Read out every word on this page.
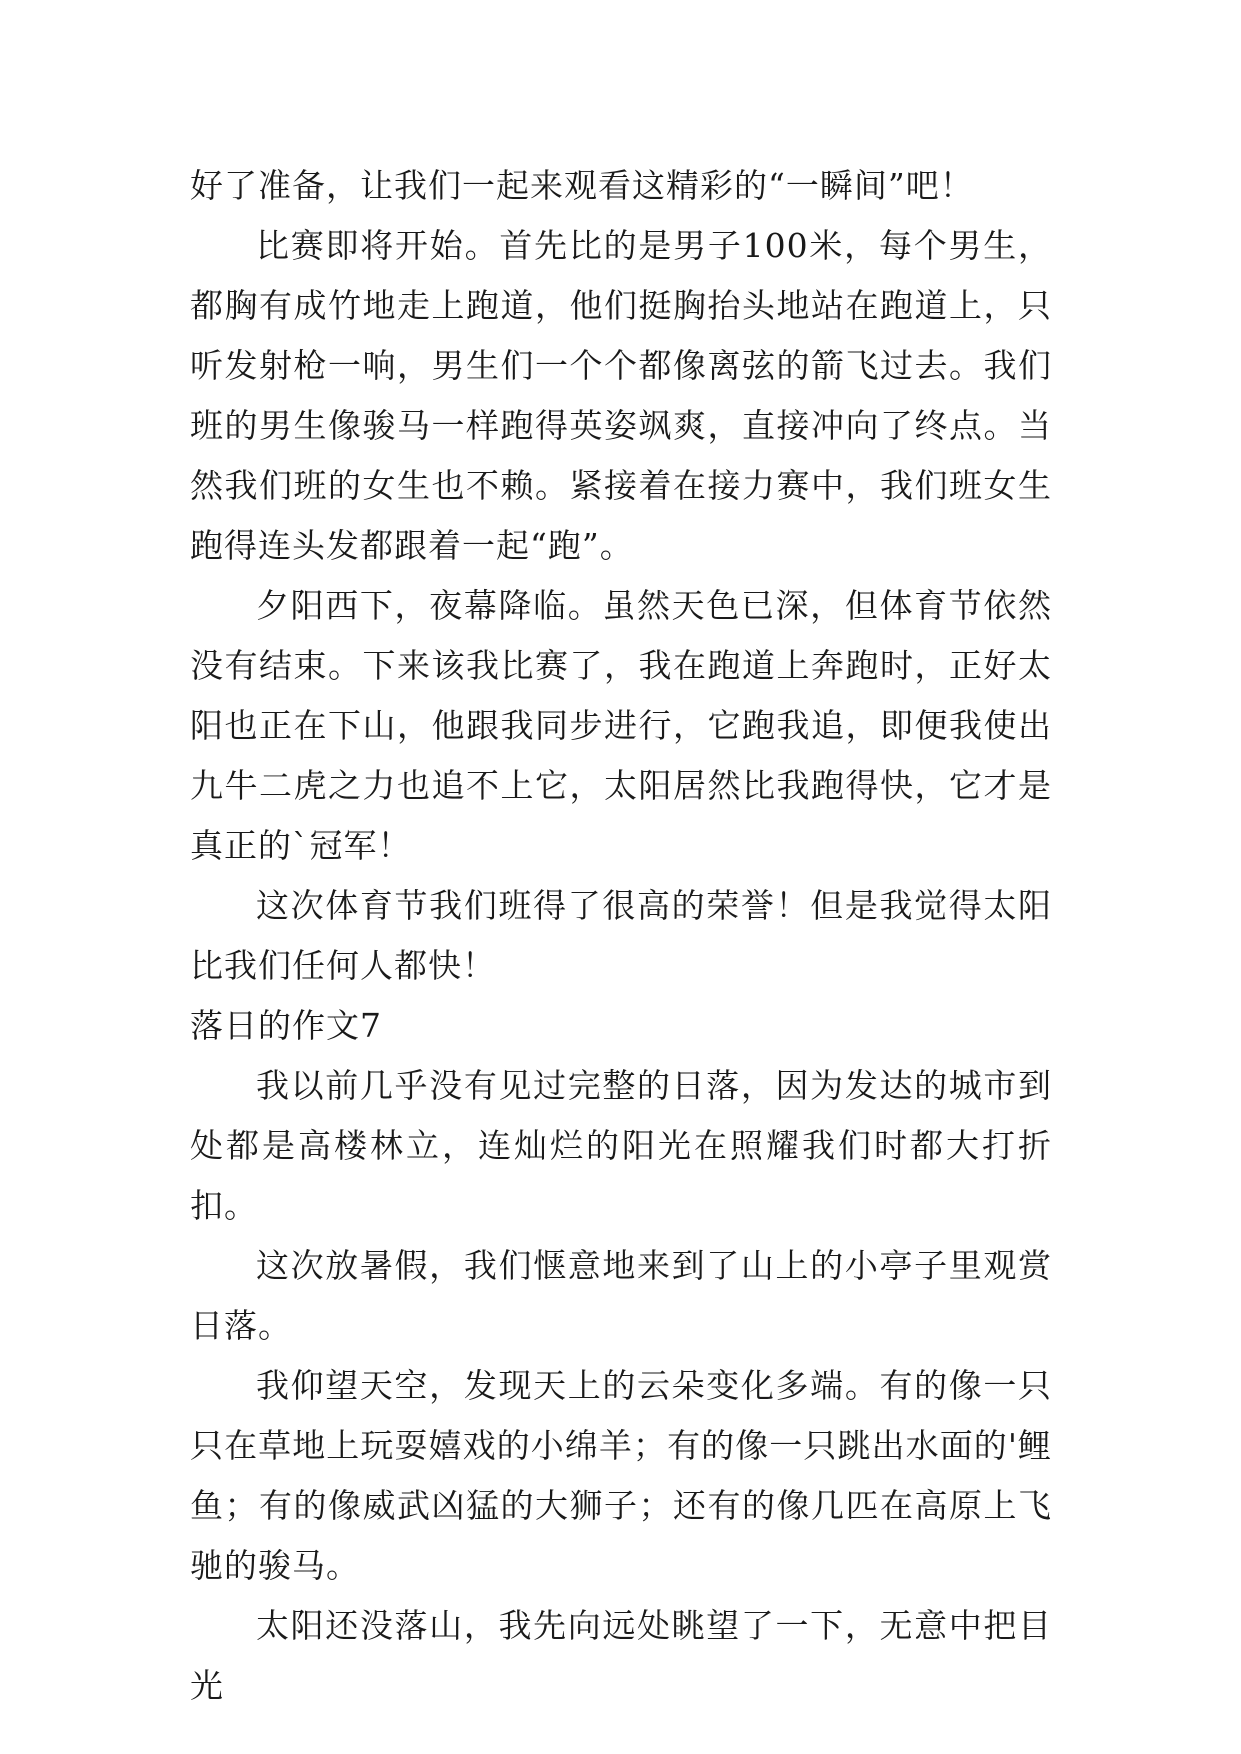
好了准备，让我们一起来观看这精彩的“一瞬间”吧！

比赛即将开始。首先比的是男子100米，每个男生，都胸有成竹地走上跑道，他们挺胸抬头地站在跑道上，只听发射枪一响，男生们一个个都像离弦的箭飞过去。我们班的男生像骏马一样跑得英姿飒爽，直接冲向了终点。当然我们班的女生也不赖。紧接着在接力赛中，我们班女生跑得连头发都跟着一起“跑”。

夕阳西下，夜幕降临。虽然天色已深，但体育节依然没有结束。下来该我比赛了，我在跑道上奔跑时，正好太阳也正在下山，他跟我同步进行，它跑我追，即便我使出九牛二虎之力也追不上它，太阳居然比我跑得快，它才是真正的`冠军！

这次体育节我们班得了很高的荣誉！但是我觉得太阳比我们任何人都快！

落日的作文7

我以前几乎没有见过完整的日落，因为发达的城市到处都是高楼林立，连灿烂的阳光在照耀我们时都大打折扣。

这次放暑假，我们惬意地来到了山上的小亭子里观赏日落。

我仰望天空，发现天上的云朵变化多端。有的像一只只在草地上玩耍嬉戏的小绵羊；有的像一只跳出水面的'鲤鱼；有的像威武凶猛的大狮子；还有的像几匹在高原上飞驰的骏马。

太阳还没落山，我先向远处眺望了一下，无意中把目光
